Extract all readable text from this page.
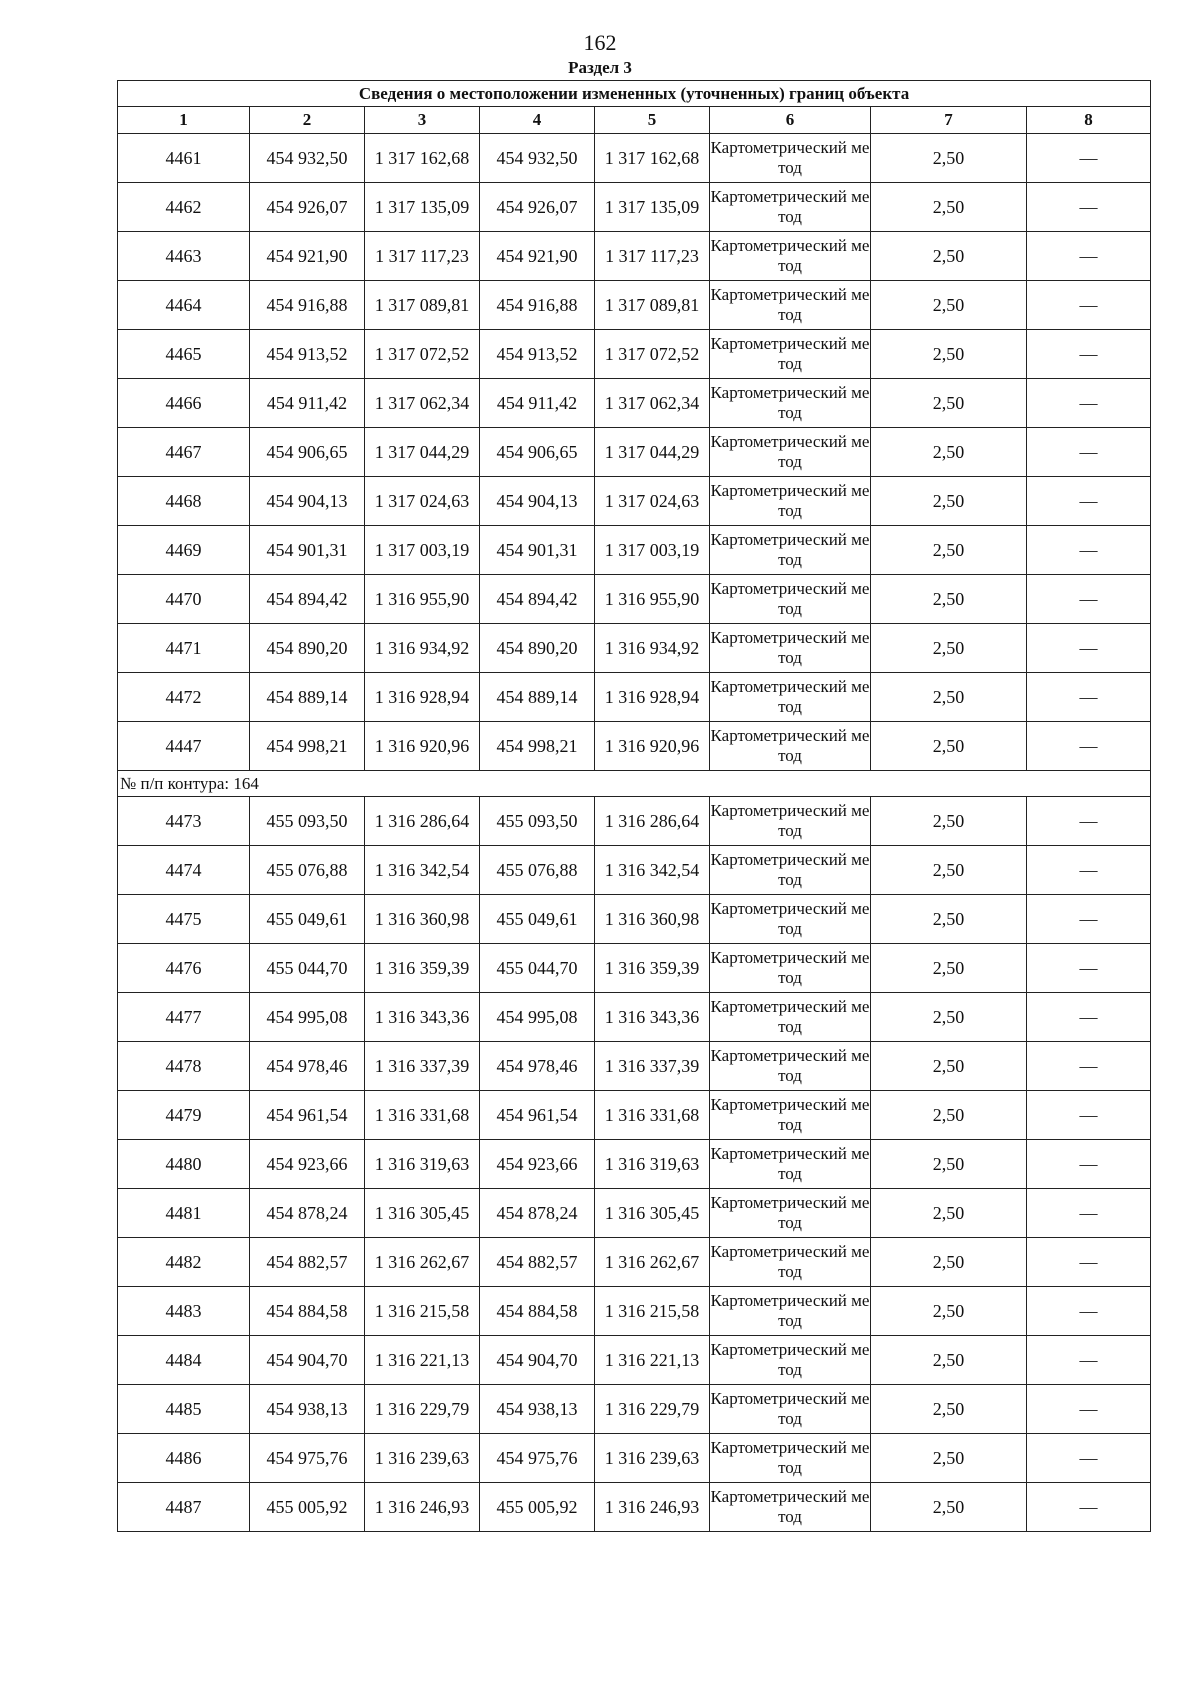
162
Раздел 3
Сведения о местоположении измененных (уточненных) границ объекта							
1	2	3	4	5	6	7	8
4461	454 932,50	1 317 162,68	454 932,50	1 317 162,68	Картометрический метод	2,50	—
4462	454 926,07	1 317 135,09	454 926,07	1 317 135,09	Картометрический метод	2,50	—
4463	454 921,90	1 317 117,23	454 921,90	1 317 117,23	Картометрический метод	2,50	—
4464	454 916,88	1 317 089,81	454 916,88	1 317 089,81	Картометрический метод	2,50	—
4465	454 913,52	1 317 072,52	454 913,52	1 317 072,52	Картометрический метод	2,50	—
4466	454 911,42	1 317 062,34	454 911,42	1 317 062,34	Картометрический метод	2,50	—
4467	454 906,65	1 317 044,29	454 906,65	1 317 044,29	Картометрический метод	2,50	—
4468	454 904,13	1 317 024,63	454 904,13	1 317 024,63	Картометрический метод	2,50	—
4469	454 901,31	1 317 003,19	454 901,31	1 317 003,19	Картометрический метод	2,50	—
4470	454 894,42	1 316 955,90	454 894,42	1 316 955,90	Картометрический метод	2,50	—
4471	454 890,20	1 316 934,92	454 890,20	1 316 934,92	Картометрический метод	2,50	—
4472	454 889,14	1 316 928,94	454 889,14	1 316 928,94	Картометрический метод	2,50	—
4447	454 998,21	1 316 920,96	454 998,21	1 316 920,96	Картометрический метод	2,50	—
№ п/п контура: 164							
4473	455 093,50	1 316 286,64	455 093,50	1 316 286,64	Картометрический метод	2,50	—
4474	455 076,88	1 316 342,54	455 076,88	1 316 342,54	Картометрический метод	2,50	—
4475	455 049,61	1 316 360,98	455 049,61	1 316 360,98	Картометрический метод	2,50	—
4476	455 044,70	1 316 359,39	455 044,70	1 316 359,39	Картометрический метод	2,50	—
4477	454 995,08	1 316 343,36	454 995,08	1 316 343,36	Картометрический метод	2,50	—
4478	454 978,46	1 316 337,39	454 978,46	1 316 337,39	Картометрический метод	2,50	—
4479	454 961,54	1 316 331,68	454 961,54	1 316 331,68	Картометрический метод	2,50	—
4480	454 923,66	1 316 319,63	454 923,66	1 316 319,63	Картометрический метод	2,50	—
4481	454 878,24	1 316 305,45	454 878,24	1 316 305,45	Картометрический метод	2,50	—
4482	454 882,57	1 316 262,67	454 882,57	1 316 262,67	Картометрический метод	2,50	—
4483	454 884,58	1 316 215,58	454 884,58	1 316 215,58	Картометрический метод	2,50	—
4484	454 904,70	1 316 221,13	454 904,70	1 316 221,13	Картометрический метод	2,50	—
4485	454 938,13	1 316 229,79	454 938,13	1 316 229,79	Картометрический метод	2,50	—
4486	454 975,76	1 316 239,63	454 975,76	1 316 239,63	Картометрический метод	2,50	—
4487	455 005,92	1 316 246,93	455 005,92	1 316 246,93	Картометрический метод	2,50	—
